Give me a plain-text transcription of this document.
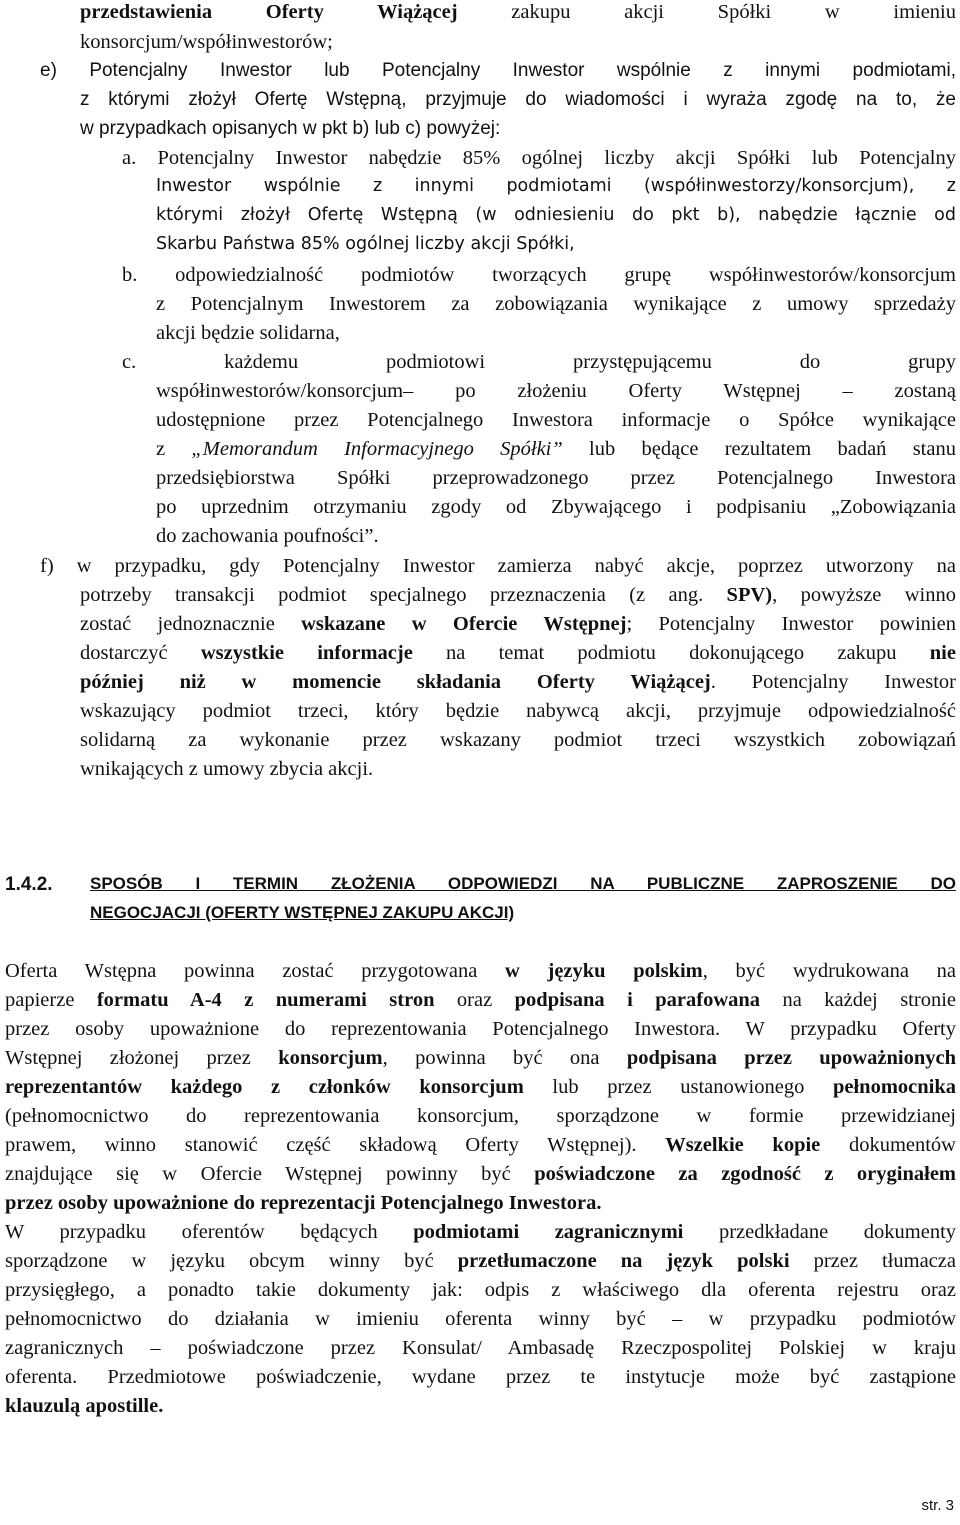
przedstawienia Oferty Wiążącej zakupu akcji Spółki w imieniu
konsorcjum/współinwestorów;
e) Potencjalny Inwestor lub Potencjalny Inwestor wspólnie z innymi podmiotami,
z którymi złożył Ofertę Wstępną, przyjmuje do wiadomości i wyraża zgodę na to, że
w przypadkach opisanych w pkt b) lub c) powyżej:
a. Potencjalny Inwestor nabędzie 85% ogólnej liczby akcji Spółki lub Potencjalny
Inwestor wspólnie z innymi podmiotami (współinwestorzy/konsorcjum), z
którymi złożył Ofertę Wstępną (w odniesieniu do pkt b), nabędzie łącznie od
Skarbu Państwa 85% ogólnej liczby akcji Spółki,
b. odpowiedzialność podmiotów tworzących grupę współinwestorów/konsorcjum
z Potencjalnym Inwestorem za zobowiązania wynikające z umowy sprzedaży
akcji będzie solidarna,
c. każdemu podmiotowi przystępującemu do grupy
współinwestorów/konsorcjum– po złożeniu Oferty Wstępnej – zostaną
udostępnione przez Potencjalnego Inwestora informacje o Spółce wynikające
z „Memorandum Informacyjnego Spółki” lub będące rezultatem badań stanu
przedsiębiorstwa Spółki przeprowadzonego przez Potencjalnego Inwestora
po uprzednim otrzymaniu zgody od Zbywającego i podpisaniu „Zobowiązania
do zachowania poufności”.
f) w przypadku, gdy Potencjalny Inwestor zamierza nabyć akcje, poprzez utworzony na
potrzeby transakcji podmiot specjalnego przeznaczenia (z ang. SPV), powyższe winno
zostać jednoznacznie wskazane w Ofercie Wstępnej; Potencjalny Inwestor powinien
dostarczyć wszystkie informacje na temat podmiotu dokonującego zakupu nie
później niż w momencie składania Oferty Wiążącej. Potencjalny Inwestor
wskazujący podmiot trzeci, który będzie nabywcą akcji, przyjmuje odpowiedzialność
solidarną za wykonanie przez wskazany podmiot trzeci wszystkich zobowiązań
wnikających z umowy zbycia akcji.
1.4.2. SPOSÓB I TERMIN ZŁOŻENIA ODPOWIEDZI NA PUBLICZNE ZAPROSZENIE DO
NEGOCJACJI (OFERTY WSTĘPNEJ ZAKUPU AKCJI)
Oferta Wstępna powinna zostać przygotowana w języku polskim, być wydrukowana na
papierze formatu A-4 z numerami stron oraz podpisana i parafowana na każdej stronie
przez osoby upoważnione do reprezentowania Potencjalnego Inwestora. W przypadku Oferty
Wstępnej złożonej przez konsorcjum, powinna być ona podpisana przez upoważnionych
reprezentantów każdego z członków konsorcjum lub przez ustanowionego pełnomocnika
(pełnomocnictwo do reprezentowania konsorcjum, sporządzone w formie przewidzianej
prawem, winno stanowić część składową Oferty Wstępnej). Wszelkie kopie dokumentów
znajdujące się w Ofercie Wstępnej powinny być poświadczone za zgodność z oryginałem
przez osoby upoważnione do reprezentacji Potencjalnego Inwestora.
W przypadku oferentów będących podmiotami zagranicznymi przedkładane dokumenty
sporządzone w języku obcym winny być przetłumaczone na język polski przez tłumacza
przysięgłego, a ponadto takie dokumenty jak: odpis z właściwego dla oferenta rejestru oraz
pełnomocnictwo do działania w imieniu oferenta winny być – w przypadku podmiotów
zagranicznych – poświadczone przez Konsulat/ Ambasadę Rzeczpospolitej Polskiej w kraju
oferenta. Przedmiotowe poświadczenie, wydane przez te instytucje może być zastąpione
klauzulą apostille.
str. 3
